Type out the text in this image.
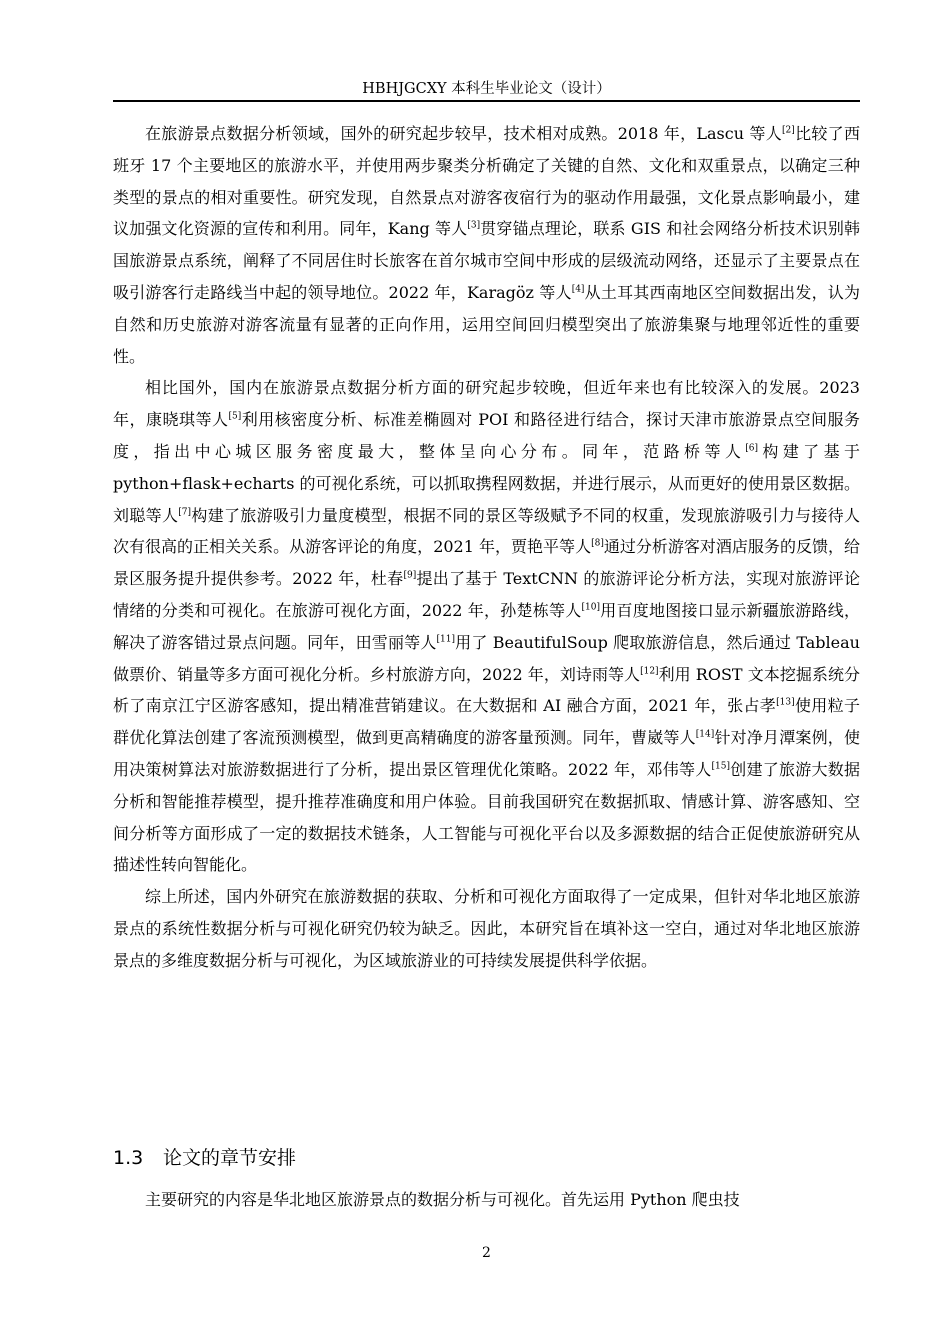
HBHJGCXY 本科生毕业论文（设计）

在旅游景点数据分析领域，国外的研究起步较早，技术相对成熟。2018 年，Lascu 等人[2]比较了西班牙 17 个主要地区的旅游水平，并使用两步聚类分析确定了关键的自然、文化和双重景点，以确定三种类型的景点的相对重要性。研究发现，自然景点对游客夜宿行为的驱动作用最强，文化景点影响最小，建议加强文化资源的宣传和利用。同年，Kang 等人[3]贯穿锚点理论，联系 GIS 和社会网络分析技术识别韩国旅游景点系统，阐释了不同居住时长旅客在首尔城市空间中形成的层级流动网络，还显示了主要景点在吸引游客行走路线当中起的领导地位。2022 年，Karagöz 等人[4]从土耳其西南地区空间数据出发，认为自然和历史旅游对游客流量有显著的正向作用，运用空间回归模型突出了旅游集聚与地理邻近性的重要性。

相比国外，国内在旅游景点数据分析方面的研究起步较晚，但近年来也有比较深入的发展。2023 年，康晓琪等人[5]利用核密度分析、标准差椭圆对 POI 和路径进行结合，探讨天津市旅游景点空间服务度，指出中心城区服务密度最大，整体呈向心分布。同年，范路桥等人[6]构建了基于 python+flask+echarts 的可视化系统，可以抓取携程网数据，并进行展示，从而更好的使用景区数据。刘聪等人[7]构建了旅游吸引力量度模型，根据不同的景区等级赋予不同的权重，发现旅游吸引力与接待人次有很高的正相关关系。从游客评论的角度，2021 年，贾艳平等人[8]通过分析游客对酒店服务的反馈，给景区服务提升提供参考。2022 年，杜春[9]提出了基于 TextCNN 的旅游评论分析方法，实现对旅游评论情绪的分类和可视化。在旅游可视化方面，2022 年，孙楚栋等人[10]用百度地图接口显示新疆旅游路线，解决了游客错过景点问题。同年，田雪丽等人[11]用了 BeautifulSoup 爬取旅游信息，然后通过 Tableau 做票价、销量等多方面可视化分析。乡村旅游方向，2022 年，刘诗雨等人[12]利用 ROST 文本挖掘系统分析了南京江宁区游客感知，提出精准营销建议。在大数据和 AI 融合方面，2021 年，张占孝[13]使用粒子群优化算法创建了客流预测模型，做到更高精确度的游客量预测。同年，曹崴等人[14]针对净月潭案例，使用决策树算法对旅游数据进行了分析，提出景区管理优化策略。2022 年，邓伟等人[15]创建了旅游大数据分析和智能推荐模型，提升推荐准确度和用户体验。目前我国研究在数据抓取、情感计算、游客感知、空间分析等方面形成了一定的数据技术链条，人工智能与可视化平台以及多源数据的结合正促使旅游研究从描述性转向智能化。

综上所述，国内外研究在旅游数据的获取、分析和可视化方面取得了一定成果，但针对华北地区旅游景点的系统性数据分析与可视化研究仍较为缺乏。因此，本研究旨在填补这一空白，通过对华北地区旅游景点的多维度数据分析与可视化，为区域旅游业的可持续发展提供科学依据。

1.3 论文的章节安排

主要研究的内容是华北地区旅游景点的数据分析与可视化。首先运用 Python 爬虫技

2
